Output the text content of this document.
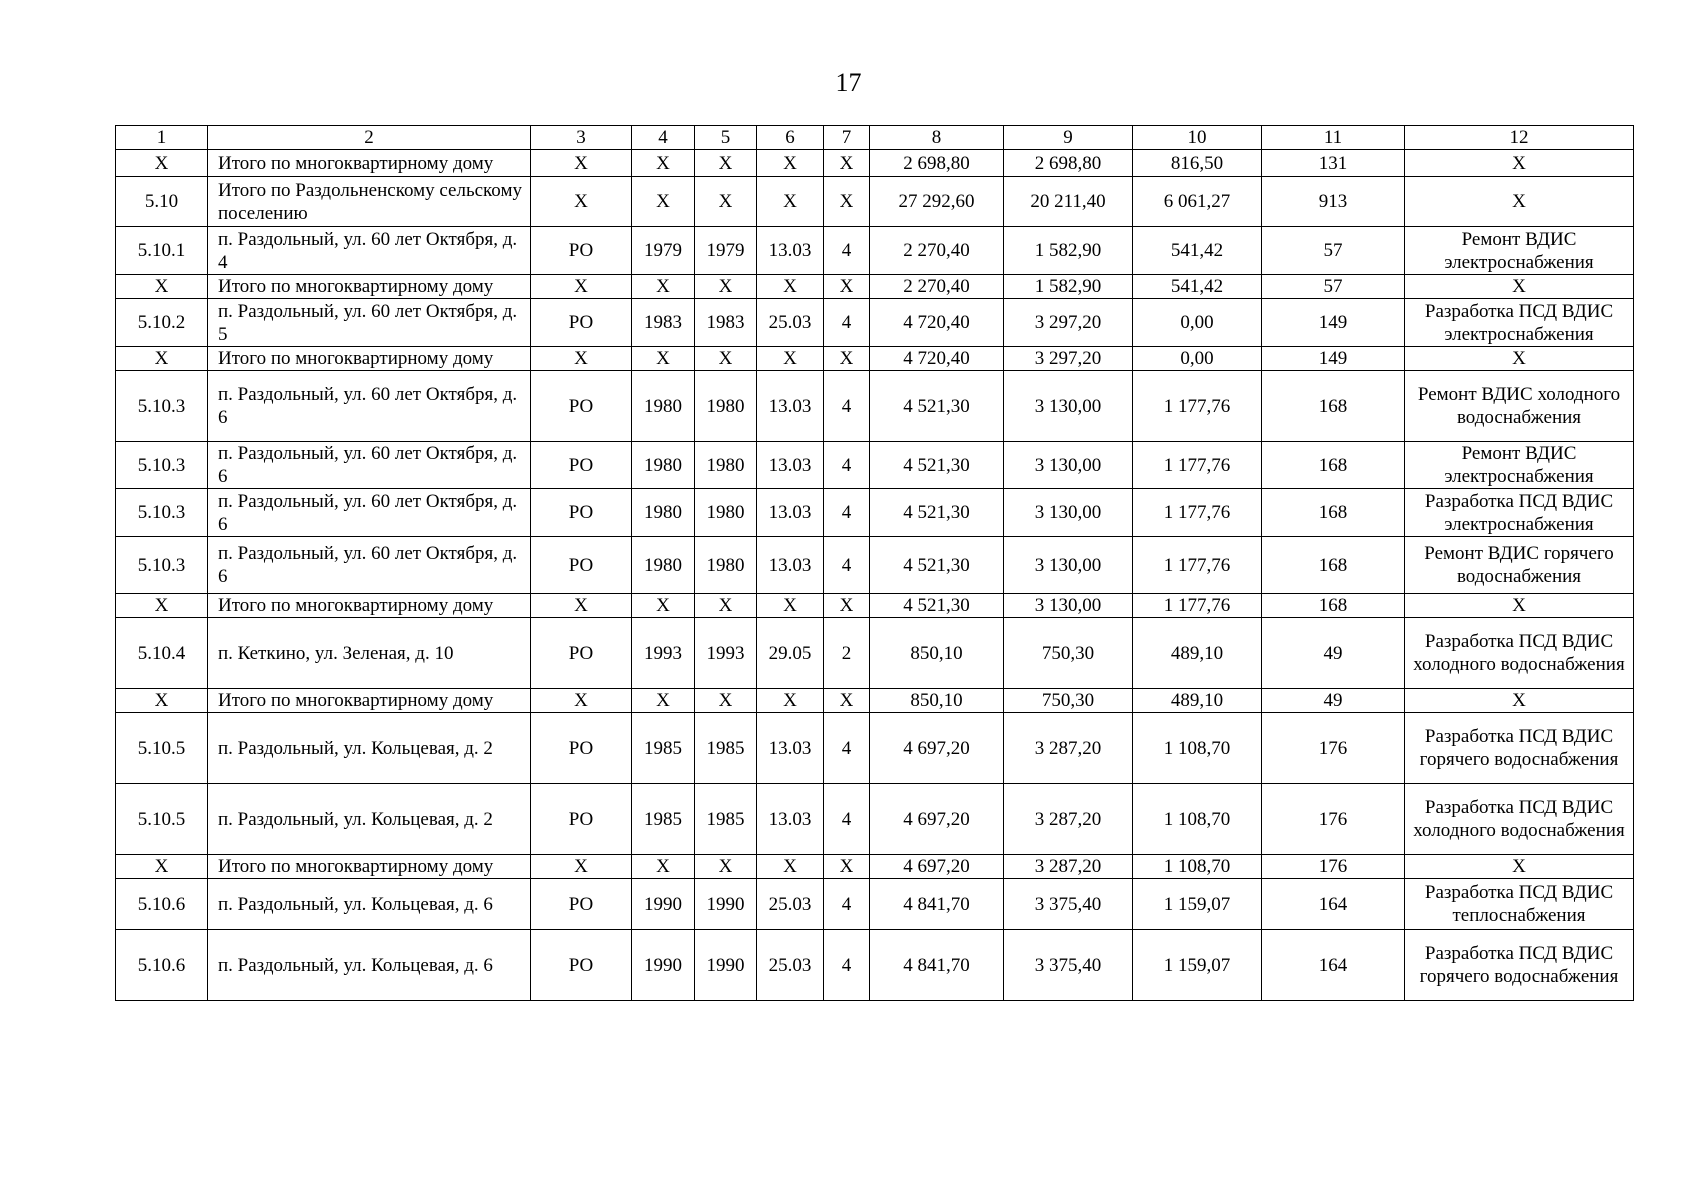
17
1	2	3	4	5	6	7	8	9	10	11	12
X	Итого по многоквартирному дому	X	X	X	X	X	2 698,80	2 698,80	816,50	131	X
5.10	Итого по Раздольненскому сельскому поселению	X	X	X	X	X	27 292,60	20 211,40	6 061,27	913	X
5.10.1	п. Раздольный, ул. 60 лет Октября, д. 4	РО	1979	1979	13.03	4	2 270,40	1 582,90	541,42	57	Ремонт ВДИС электроснабжения
X	Итого по многоквартирному дому	X	X	X	X	X	2 270,40	1 582,90	541,42	57	X
5.10.2	п. Раздольный, ул. 60 лет Октября, д. 5	РО	1983	1983	25.03	4	4 720,40	3 297,20	0,00	149	Разработка ПСД ВДИС электроснабжения
X	Итого по многоквартирному дому	X	X	X	X	X	4 720,40	3 297,20	0,00	149	X
5.10.3	п. Раздольный, ул. 60 лет Октября, д. 6	РО	1980	1980	13.03	4	4 521,30	3 130,00	1 177,76	168	Ремонт ВДИС холодного водоснабжения
5.10.3	п. Раздольный, ул. 60 лет Октября, д. 6	РО	1980	1980	13.03	4	4 521,30	3 130,00	1 177,76	168	Ремонт ВДИС электроснабжения
5.10.3	п. Раздольный, ул. 60 лет Октября, д. 6	РО	1980	1980	13.03	4	4 521,30	3 130,00	1 177,76	168	Разработка ПСД ВДИС электроснабжения
5.10.3	п. Раздольный, ул. 60 лет Октября, д. 6	РО	1980	1980	13.03	4	4 521,30	3 130,00	1 177,76	168	Ремонт ВДИС горячего водоснабжения
X	Итого по многоквартирному дому	X	X	X	X	X	4 521,30	3 130,00	1 177,76	168	X
5.10.4	п. Кеткино, ул. Зеленая, д. 10	РО	1993	1993	29.05	2	850,10	750,30	489,10	49	Разработка ПСД ВДИС холодного водоснабжения
X	Итого по многоквартирному дому	X	X	X	X	X	850,10	750,30	489,10	49	X
5.10.5	п. Раздольный, ул. Кольцевая, д. 2	РО	1985	1985	13.03	4	4 697,20	3 287,20	1 108,70	176	Разработка ПСД ВДИС горячего водоснабжения
5.10.5	п. Раздольный, ул. Кольцевая, д. 2	РО	1985	1985	13.03	4	4 697,20	3 287,20	1 108,70	176	Разработка ПСД ВДИС холодного водоснабжения
X	Итого по многоквартирному дому	X	X	X	X	X	4 697,20	3 287,20	1 108,70	176	X
5.10.6	п. Раздольный, ул. Кольцевая, д. 6	РО	1990	1990	25.03	4	4 841,70	3 375,40	1 159,07	164	Разработка ПСД ВДИС теплоснабжения
5.10.6	п. Раздольный, ул. Кольцевая, д. 6	РО	1990	1990	25.03	4	4 841,70	3 375,40	1 159,07	164	Разработка ПСД ВДИС горячего водоснабжения
